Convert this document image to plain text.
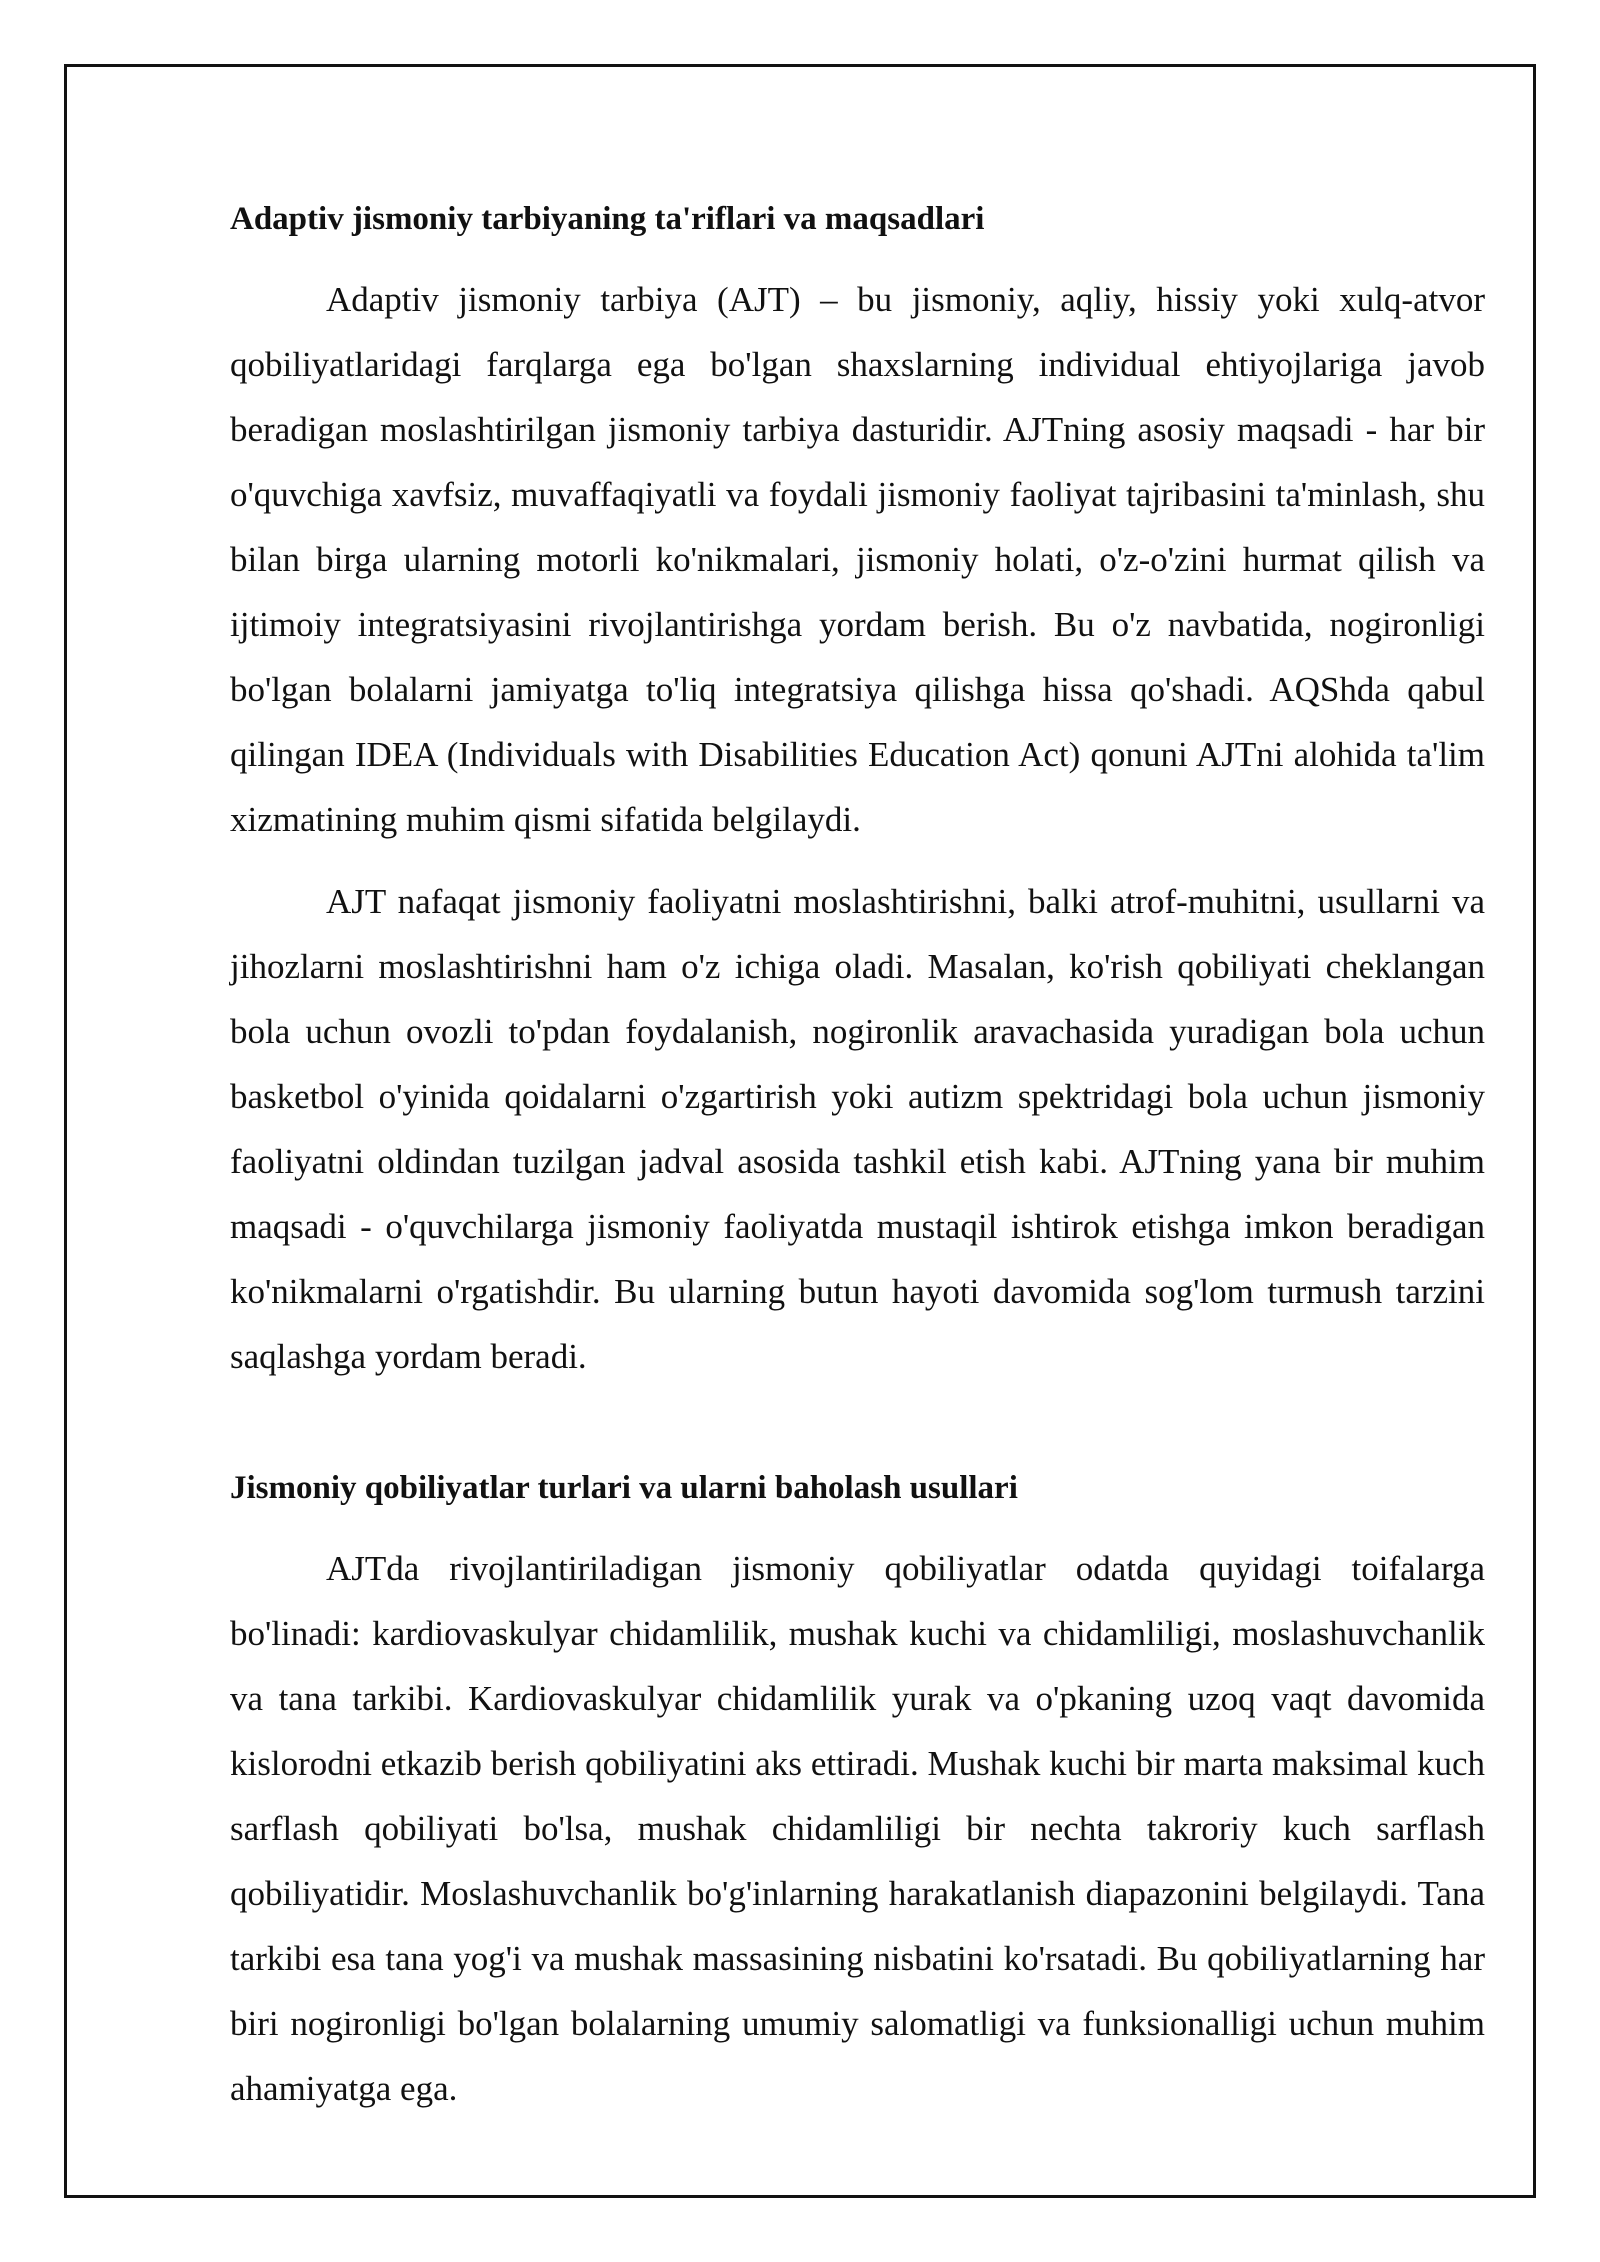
Adaptiv jismoniy tarbiyaning ta'riflari va maqsadlari

Adaptiv jismoniy tarbiya (AJT) – bu jismoniy, aqliy, hissiy yoki xulq-atvor qobiliyatlaridagi farqlarga ega bo'lgan shaxslarning individual ehtiyojlariga javob beradigan moslashtirilgan jismoniy tarbiya dasturidir. AJTning asosiy maqsadi - har bir o'quvchiga xavfsiz, muvaffaqiyatli va foydali jismoniy faoliyat tajribasini ta'minlash, shu bilan birga ularning motorli ko'nikmalari, jismoniy holati, o'z-o'zini hurmat qilish va ijtimoiy integratsiyasini rivojlantirishga yordam berish. Bu o'z navbatida, nogironligi bo'lgan bolalarni jamiyatga to'liq integratsiya qilishga hissa qo'shadi. AQShda qabul qilingan IDEA (Individuals with Disabilities Education Act) qonuni AJTni alohida ta'lim xizmatining muhim qismi sifatida belgilaydi.

AJT nafaqat jismoniy faoliyatni moslashtirishni, balki atrof-muhitni, usullarni va jihozlarni moslashtirishni ham o'z ichiga oladi. Masalan, ko'rish qobiliyati cheklangan bola uchun ovozli to'pdan foydalanish, nogironlik aravachasida yuradigan bola uchun basketbol o'yinida qoidalarni o'zgartirish yoki autizm spektridagi bola uchun jismoniy faoliyatni oldindan tuzilgan jadval asosida tashkil etish kabi. AJTning yana bir muhim maqsadi - o'quvchilarga jismoniy faoliyatda mustaqil ishtirok etishga imkon beradigan ko'nikmalarni o'rgatishdir. Bu ularning butun hayoti davomida sog'lom turmush tarzini saqlashga yordam beradi.

Jismoniy qobiliyatlar turlari va ularni baholash usullari

AJTda rivojlantiriladigan jismoniy qobiliyatlar odatda quyidagi toifalarga bo'linadi: kardiovaskulyar chidamlilik, mushak kuchi va chidamliligi, moslashuvchanlik va tana tarkibi. Kardiovaskulyar chidamlilik yurak va o'pkaning uzoq vaqt davomida kislorodni etkazib berish qobiliyatini aks ettiradi. Mushak kuchi bir marta maksimal kuch sarflash qobiliyati bo'lsa, mushak chidamliligi bir nechta takroriy kuch sarflash qobiliyatidir. Moslashuvchanlik bo'g'inlarning harakatlanish diapazonini belgilaydi. Tana tarkibi esa tana yog'i va mushak massasining nisbatini ko'rsatadi. Bu qobiliyatlarning har biri nogironligi bo'lgan bolalarning umumiy salomatligi va funksionalligi uchun muhim ahamiyatga ega.
